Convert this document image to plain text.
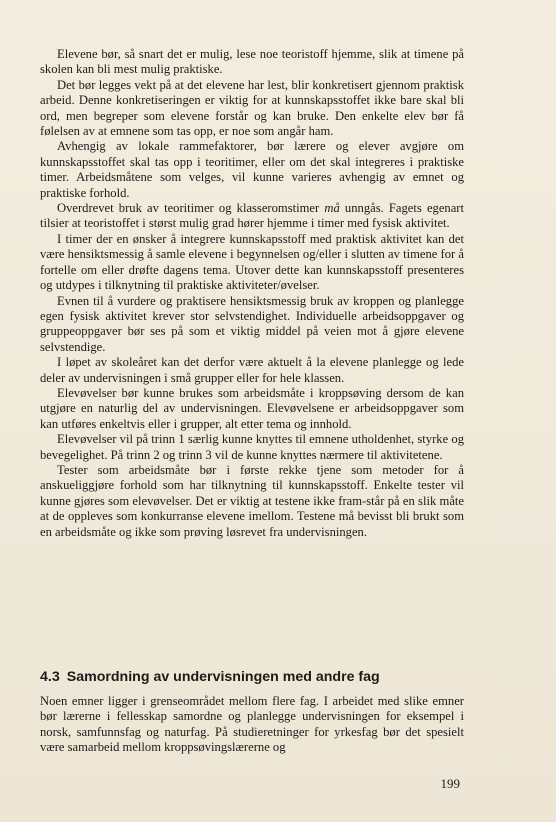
Elevene bør, så snart det er mulig, lese noe teoristoff hjemme, slik at timene på skolen kan bli mest mulig praktiske.

Det bør legges vekt på at det elevene har lest, blir konkretisert gjennom praktisk arbeid. Denne konkretiseringen er viktig for at kunnskapsstoffet ikke bare skal bli ord, men begreper som elevene forstår og kan bruke. Den enkelte elev bør få følelsen av at emnene som tas opp, er noe som angår ham.

Avhengig av lokale rammefaktorer, bør lærere og elever avgjøre om kunnskapsstoffet skal tas opp i teoritimer, eller om det skal integreres i praktiske timer. Arbeidsmåtene som velges, vil kunne varieres avhengig av emnet og praktiske forhold.

Overdrevet bruk av teoritimer og klasseromstimer må unngås. Fagets egenart tilsier at teoristoffet i størst mulig grad hører hjemme i timer med fysisk aktivitet.

I timer der en ønsker å integrere kunnskapsstoff med praktisk aktivitet kan det være hensiktsmessig å samle elevene i begynnelsen og/eller i slutten av timene for å fortelle om eller drøfte dagens tema. Utover dette kan kunnskapsstoff presenteres og utdypes i tilknytning til praktiske aktiviteter/øvelser.

Evnen til å vurdere og praktisere hensiktsmessig bruk av kroppen og planlegge egen fysisk aktivitet krever stor selvstendighet. Individuelle arbeidsoppgaver og gruppeoppgaver bør ses på som et viktig middel på veien mot å gjøre elevene selvstendige.

I løpet av skoleåret kan det derfor være aktuelt å la elevene planlegge og lede deler av undervisningen i små grupper eller for hele klassen.

Elevøvelser bør kunne brukes som arbeidsmåte i kroppsøving dersom de kan utgjøre en naturlig del av undervisningen. Elevøvelsene er arbeidsoppgaver som kan utføres enkeltvis eller i grupper, alt etter tema og innhold.

Elevøvelser vil på trinn 1 særlig kunne knyttes til emnene utholdenhet, styrke og bevegelighet. På trinn 2 og trinn 3 vil de kunne knyttes nærmere til aktivitetene.

Tester som arbeidsmåte bør i første rekke tjene som metoder for å anskueliggjøre forhold som har tilknytning til kunnskapsstoff. Enkelte tester vil kunne gjøres som elevøvelser. Det er viktig at testene ikke fram-står på en slik måte at de oppleves som konkurranse elevene imellom. Testene må bevisst bli brukt som en arbeidsmåte og ikke som prøving løsrevet fra undervisningen.

4.3 Samordning av undervisningen med andre fag

Noen emner ligger i grenseområdet mellom flere fag. I arbeidet med slike emner bør lærerne i fellesskap samordne og planlegge undervisningen for eksempel i norsk, samfunnsfag og naturfag. På studieretninger for yrkesfag bør det spesielt være samarbeid mellom kroppsøvingslærerne og

199
